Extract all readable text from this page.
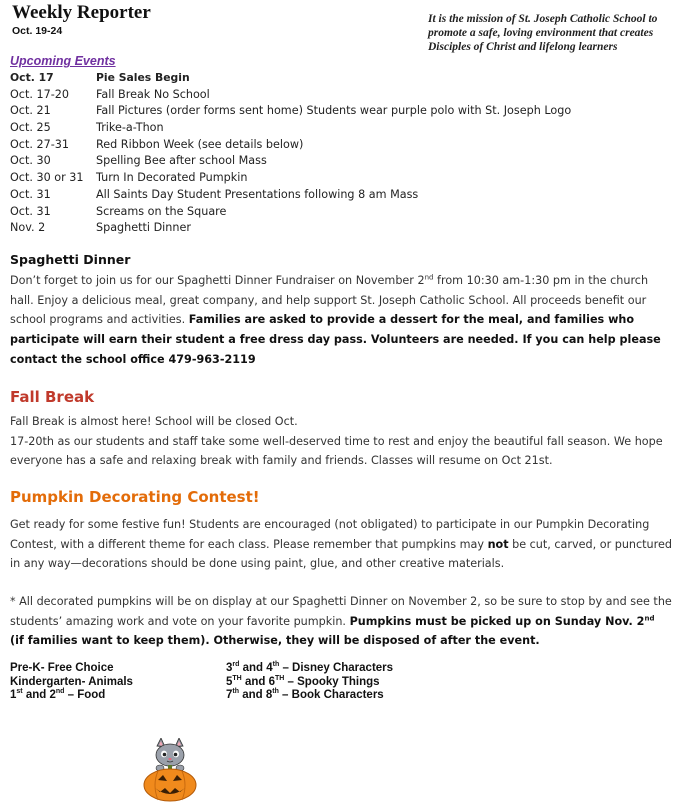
Weekly Reporter
Oct. 19-24
It is the mission of St. Joseph Catholic School to promote a safe, loving environment that creates Disciples of Christ and lifelong learners
Upcoming Events
Oct. 17	Pie Sales Begin
Oct. 17-20 Fall Break No School
Oct. 21	Fall Pictures (order forms sent home) Students wear purple polo with St. Joseph Logo
Oct. 25	Trike-a-Thon
Oct. 27-31 Red Ribbon Week (see details below)
Oct. 30	Spelling Bee after school Mass
Oct. 30 or 31 Turn In Decorated Pumpkin
Oct. 31	All Saints Day Student Presentations following 8 am Mass
Oct. 31	Screams on the Square
Nov. 2	Spaghetti Dinner
Spaghetti Dinner
Don’t forget to join us for our Spaghetti Dinner Fundraiser on November 2nd from 10:30 am-1:30 pm in the church hall. Enjoy a delicious meal, great company, and help support St. Joseph Catholic School. All proceeds benefit our school programs and activities. Families are asked to provide a dessert for the meal, and families who participate will earn their student a free dress day pass. Volunteers are needed. If you can help please contact the school office 479-963-2119
Fall Break
Fall Break is almost here! School will be closed Oct.
17-20th as our students and staff take some well-deserved time to rest and enjoy the beautiful fall season. We hope everyone has a safe and relaxing break with family and friends. Classes will resume on Oct 21st.
Pumpkin Decorating Contest!
Get ready for some festive fun! Students are encouraged (not obligated) to participate in our Pumpkin Decorating Contest, with a different theme for each class. Please remember that pumpkins may not be cut, carved, or punctured in any way—decorations should be done using paint, glue, and other creative materials.
* All decorated pumpkins will be on display at our Spaghetti Dinner on November 2, so be sure to stop by and see the students’ amazing work and vote on your favorite pumpkin. Pumpkins must be picked up on Sunday Nov. 2nd (if families want to keep them). Otherwise, they will be disposed of after the event.
Pre-K- Free Choice
Kindergarten- Animals
1st and 2nd – Food
3rd and 4th – Disney Characters
5TH and 6TH – Spooky Things
7th and 8th – Book Characters
